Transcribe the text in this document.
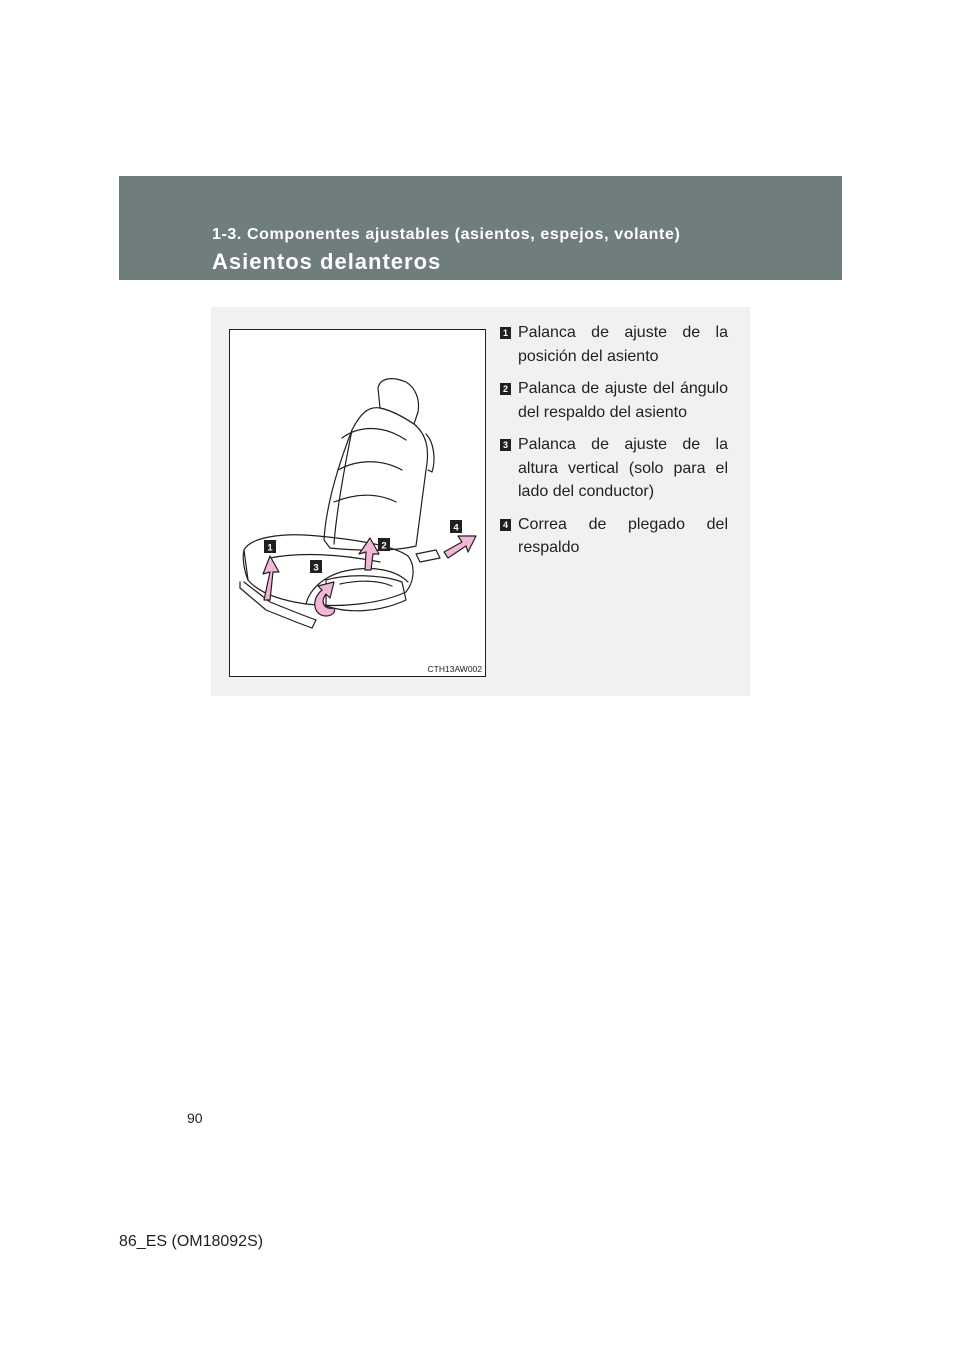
1-3. Componentes ajustables (asientos, espejos, volante)
Asientos delanteros
1	2
3
4
CTH13AW002
1 Palanca de ajuste de la posición del asiento
2 Palanca de ajuste del ángulo del respaldo del asiento
3 Palanca de ajuste de la altura vertical (solo para el lado del conductor)
4 Correa de plegado del respaldo
90
86_ES (OM18092S)
